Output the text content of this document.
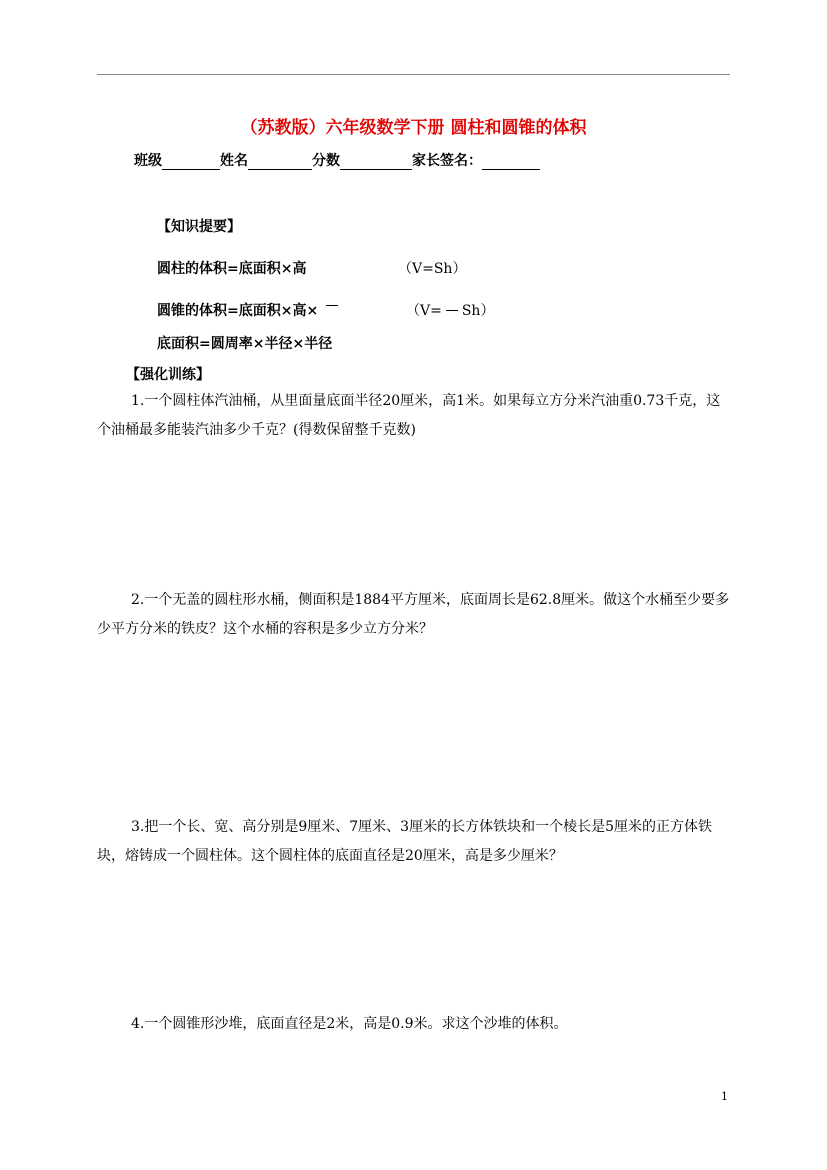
（苏教版）六年级数学下册 圆柱和圆锥的体积
班级	姓名	分数	家长签名：
【知识提要】
圆柱的体积=底面积×高	（V=Sh）
圆锥的体积=底面积×高×	（V= Sh）
底面积=圆周率×半径×半径
【强化训练】
1.一个圆柱体汽油桶，从里面量底面半径20厘米，高1米。如果每立方分米汽油重0.73千克，这个油桶最多能装汽油多少千克？(得数保留整千克数)
2.一个无盖的圆柱形水桶，侧面积是1884平方厘米，底面周长是62.8厘米。做这个水桶至少要多少平方分米的铁皮？这个水桶的容积是多少立方分米？
3.把一个长、宽、高分别是9厘米、7厘米、3厘米的长方体铁块和一个棱长是5厘米的正方体铁块，熔铸成一个圆柱体。这个圆柱体的底面直径是20厘米，高是多少厘米？
4.一个圆锥形沙堆，底面直径是2米，高是0.9米。求这个沙堆的体积。
1
